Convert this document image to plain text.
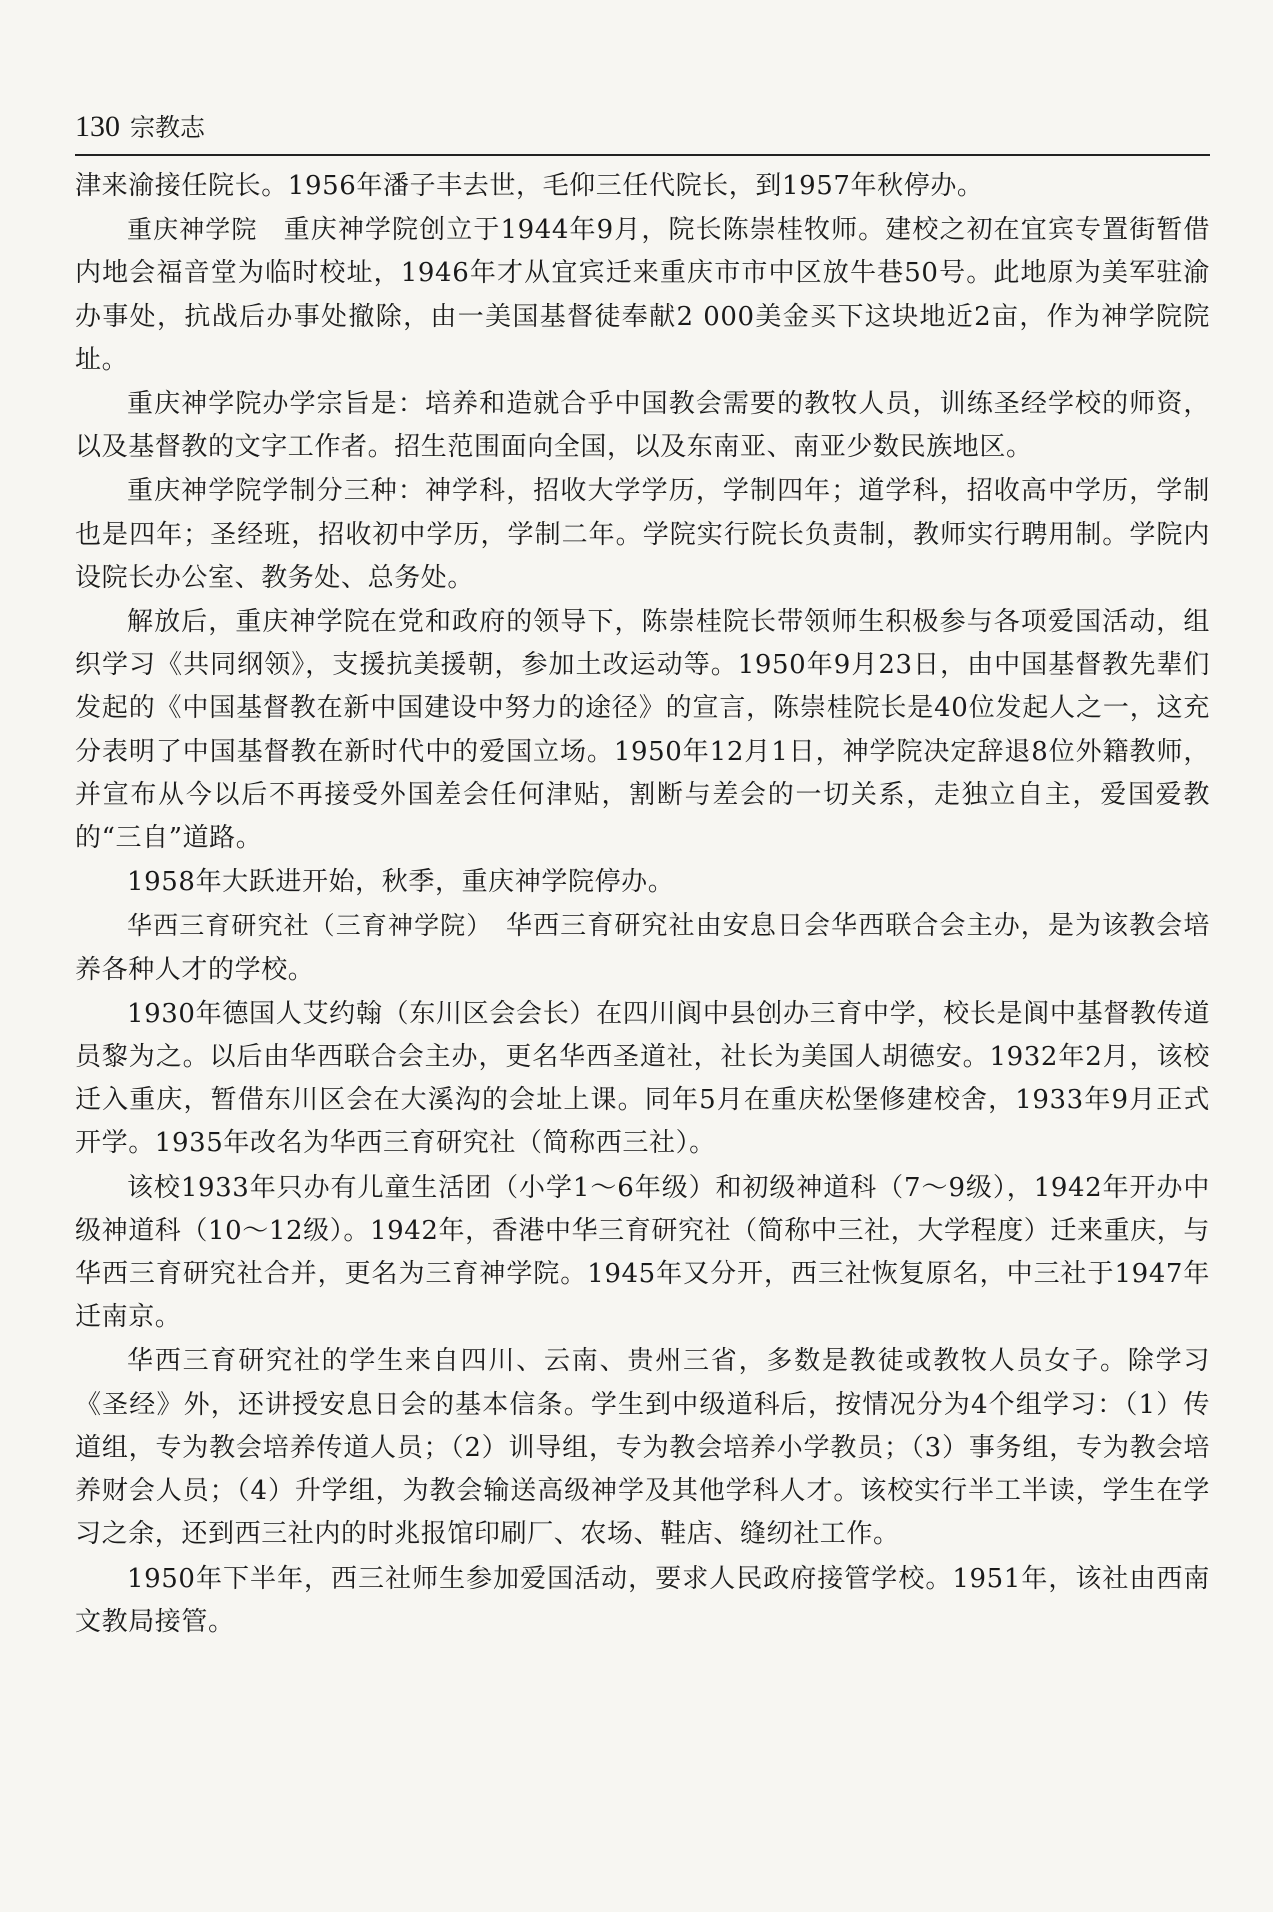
130 宗教志

津来渝接任院长。1956年潘子丰去世，毛仰三任代院长，到1957年秋停办。

重庆神学院　重庆神学院创立于1944年9月，院长陈崇桂牧师。建校之初在宜宾专置街暂借内地会福音堂为临时校址，1946年才从宜宾迁来重庆市市中区放牛巷50号。此地原为美军驻渝办事处，抗战后办事处撤除，由一美国基督徒奉献2 000美金买下这块地近2亩，作为神学院院址。

重庆神学院办学宗旨是：培养和造就合乎中国教会需要的教牧人员，训练圣经学校的师资，以及基督教的文字工作者。招生范围面向全国，以及东南亚、南亚少数民族地区。

重庆神学院学制分三种：神学科，招收大学学历，学制四年；道学科，招收高中学历，学制也是四年；圣经班，招收初中学历，学制二年。学院实行院长负责制，教师实行聘用制。学院内设院长办公室、教务处、总务处。

解放后，重庆神学院在党和政府的领导下，陈崇桂院长带领师生积极参与各项爱国活动，组织学习《共同纲领》，支援抗美援朝，参加土改运动等。1950年9月23日，由中国基督教先辈们发起的《中国基督教在新中国建设中努力的途径》的宣言，陈崇桂院长是40位发起人之一，这充分表明了中国基督教在新时代中的爱国立场。1950年12月1日，神学院决定辞退8位外籍教师，并宣布从今以后不再接受外国差会任何津贴，割断与差会的一切关系，走独立自主，爱国爱教的“三自”道路。

1958年大跃进开始，秋季，重庆神学院停办。

华西三育研究社（三育神学院）　华西三育研究社由安息日会华西联合会主办，是为该教会培养各种人才的学校。

1930年德国人艾约翰（东川区会会长）在四川阆中县创办三育中学，校长是阆中基督教传道员黎为之。以后由华西联合会主办，更名华西圣道社，社长为美国人胡德安。1932年2月，该校迁入重庆，暂借东川区会在大溪沟的会址上课。同年5月在重庆松堡修建校舍，1933年9月正式开学。1935年改名为华西三育研究社（简称西三社）。

该校1933年只办有儿童生活团（小学1～6年级）和初级神道科（7～9级），1942年开办中级神道科（10～12级）。1942年，香港中华三育研究社（简称中三社，大学程度）迁来重庆，与华西三育研究社合并，更名为三育神学院。1945年又分开，西三社恢复原名，中三社于1947年迁南京。

华西三育研究社的学生来自四川、云南、贵州三省，多数是教徒或教牧人员女子。除学习《圣经》外，还讲授安息日会的基本信条。学生到中级道科后，按情况分为4个组学习：（1）传道组，专为教会培养传道人员；（2）训导组，专为教会培养小学教员；（3）事务组，专为教会培养财会人员；（4）升学组，为教会输送高级神学及其他学科人才。该校实行半工半读，学生在学习之余，还到西三社内的时兆报馆印刷厂、农场、鞋店、缝纫社工作。

1950年下半年，西三社师生参加爱国活动，要求人民政府接管学校。1951年，该社由西南文教局接管。
